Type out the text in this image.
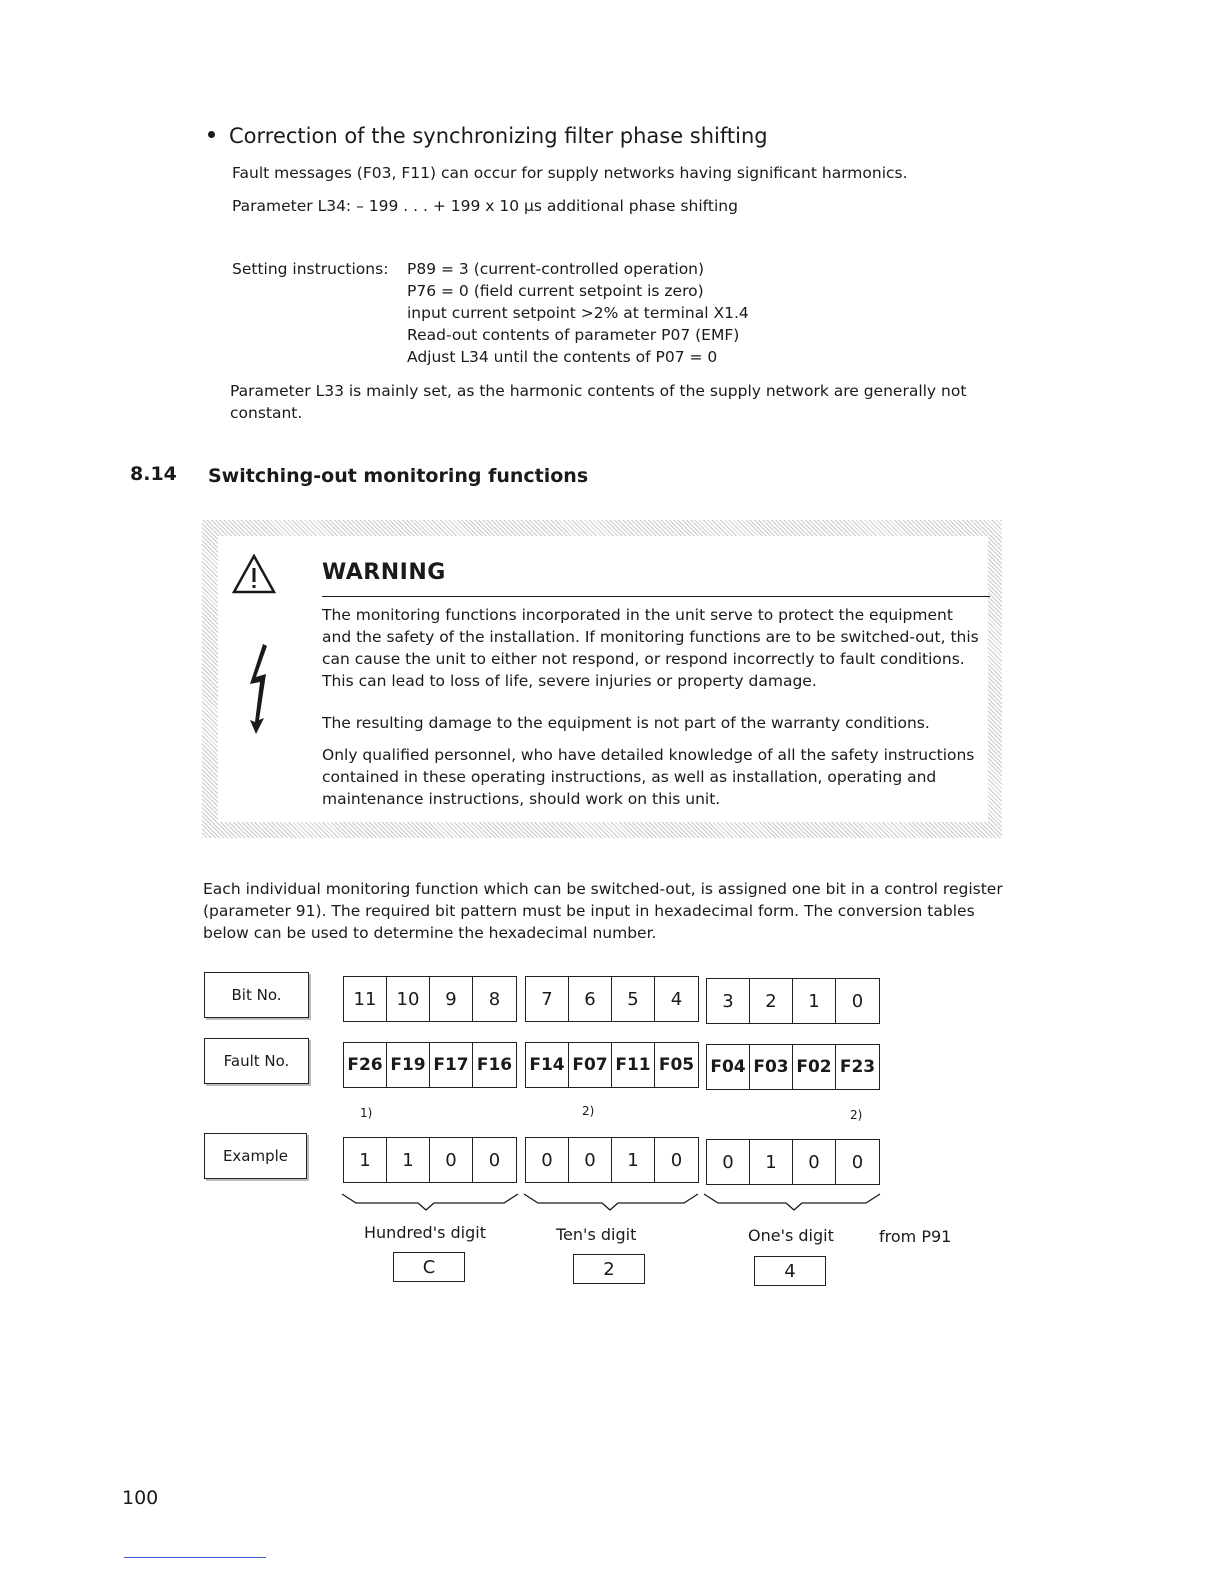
Correction of the synchronizing filter phase shifting
Fault messages (F03, F11) can occur for supply networks having significant harmonics.
Parameter L34: – 199 . . . + 199 x 10 µs additional phase shifting
Setting instructions: P89 = 3 (current-controlled operation)
P76 = 0 (field current setpoint is zero)
input current setpoint >2% at terminal X1.4
Read-out contents of parameter P07 (EMF)
Adjust L34 until the contents of P07 = 0
Parameter L33 is mainly set, as the harmonic contents of the supply network are generally not constant.
8.14 Switching-out monitoring functions
WARNING
The monitoring functions incorporated in the unit serve to protect the equipment and the safety of the installation. If monitoring functions are to be switched-out, this can cause the unit to either not respond, or respond incorrectly to fault conditions. This can lead to loss of life, severe injuries or property damage.
The resulting damage to the equipment is not part of the warranty conditions.
Only qualified personnel, who have detailed knowledge of all the safety instructions contained in these operating instructions, as well as installation, operating and maintenance instructions, should work on this unit.
Each individual monitoring function which can be switched-out, is assigned one bit in a control register (parameter 91). The required bit pattern must be input in hexadecimal form. The conversion tables below can be used to determine the hexadecimal number.
Bit No.
Fault No.
Example
11	10	9	8	7	6	5	4	3	2	1	0
F26 F19 F17 F16 F14 F07 F11 F05 F04 F03 F02 F23
1)	2)	2)
1	1	0	0	0	0	1	0	0	1	0	0
Hundred's digit	Ten's digit	One's digit	from P91
C	2	4
100
